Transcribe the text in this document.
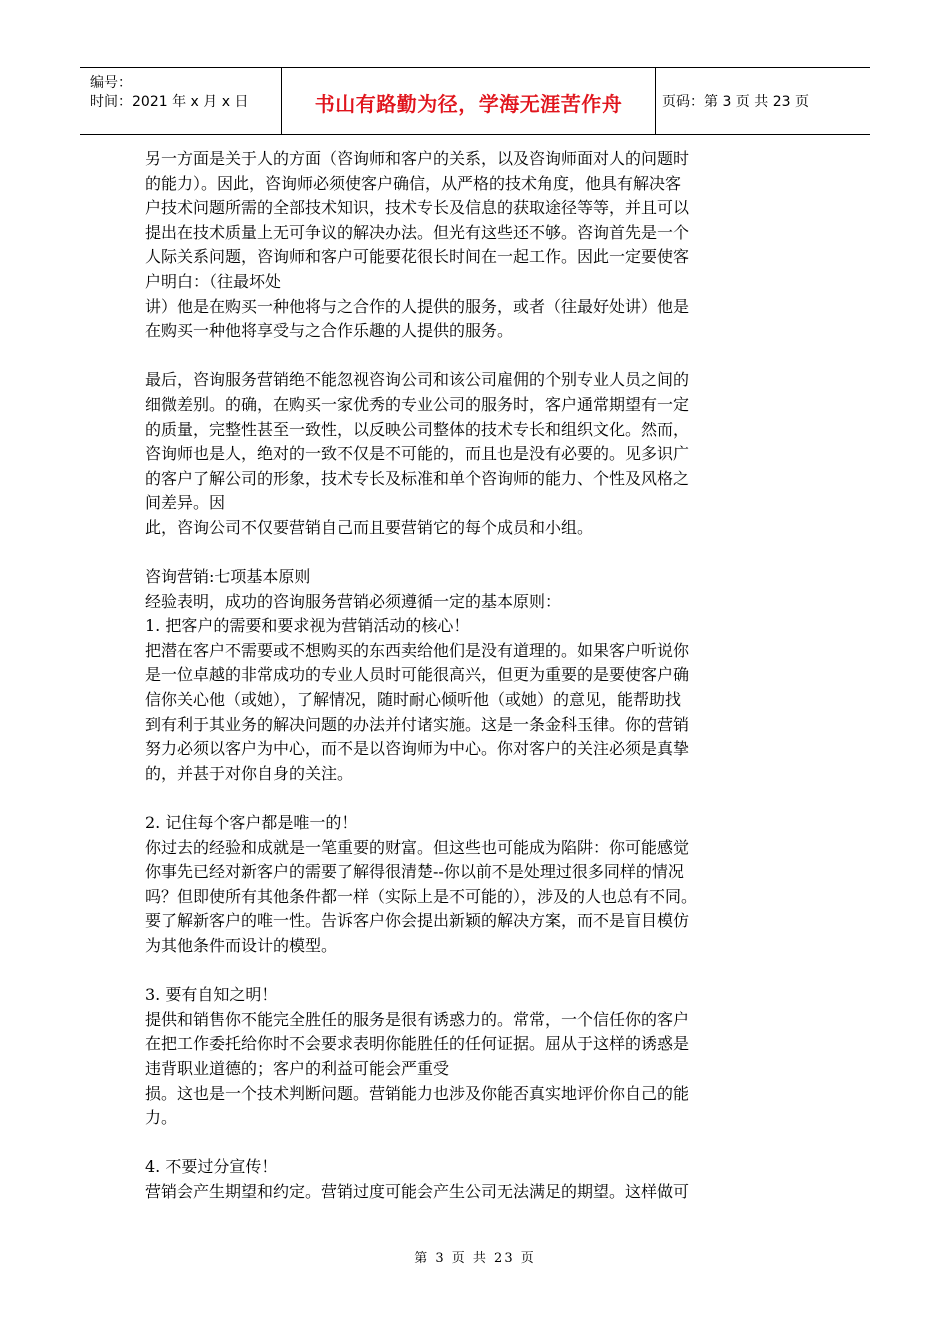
编号：
时间：2021 年 x 月 x 日	书山有路勤为径，学海无涯苦作舟	页码：第 3 页 共 23 页

另一方面是关于人的方面（咨询师和客户的关系，以及咨询师面对人的问题时

的能力）。因此，咨询师必须使客户确信，从严格的技术角度，他具有解决客

户技术问题所需的全部技术知识，技术专长及信息的获取途径等等，并且可以

提出在技术质量上无可争议的解决办法。但光有这些还不够。咨询首先是一个

人际关系问题，咨询师和客户可能要花很长时间在一起工作。因此一定要使客

户明白：（往最坏处

讲）他是在购买一种他将与之合作的人提供的服务，或者（往最好处讲）他是

在购买一种他将享受与之合作乐趣的人提供的服务。

最后，咨询服务营销绝不能忽视咨询公司和该公司雇佣的个别专业人员之间的

细微差别。的确，在购买一家优秀的专业公司的服务时，客户通常期望有一定

的质量，完整性甚至一致性，以反映公司整体的技术专长和组织文化。然而，

咨询师也是人，绝对的一致不仅是不可能的，而且也是没有必要的。见多识广

的客户了解公司的形象，技术专长及标准和单个咨询师的能力、个性及风格之

间差异。因

此，咨询公司不仅要营销自己而且要营销它的每个成员和小组。

咨询营销:七项基本原则

经验表明，成功的咨询服务营销必须遵循一定的基本原则：

1. 把客户的需要和要求视为营销活动的核心！

把潜在客户不需要或不想购买的东西卖给他们是没有道理的。如果客户听说你

是一位卓越的非常成功的专业人员时可能很高兴，但更为重要的是要使客户确

信你关心他（或她），了解情况，随时耐心倾听他（或她）的意见，能帮助找

到有利于其业务的解决问题的办法并付诸实施。这是一条金科玉律。你的营销

努力必须以客户为中心，而不是以咨询师为中心。你对客户的关注必须是真挚

的，并甚于对你自身的关注。

2. 记住每个客户都是唯一的！

你过去的经验和成就是一笔重要的财富。但这些也可能成为陷阱：你可能感觉

你事先已经对新客户的需要了解得很清楚--你以前不是处理过很多同样的情况

吗？但即使所有其他条件都一样（实际上是不可能的），涉及的人也总有不同。

要了解新客户的唯一性。告诉客户你会提出新颖的解决方案，而不是盲目模仿

为其他条件而设计的模型。

3. 要有自知之明！

提供和销售你不能完全胜任的服务是很有诱惑力的。常常，一个信任你的客户

在把工作委托给你时不会要求表明你能胜任的任何证据。屈从于这样的诱惑是

违背职业道德的；客户的利益可能会严重受

损。这也是一个技术判断问题。营销能力也涉及你能否真实地评价你自己的能

力。

4. 不要过分宣传！

营销会产生期望和约定。营销过度可能会产生公司无法满足的期望。这样做可

第 3 页 共 23 页
